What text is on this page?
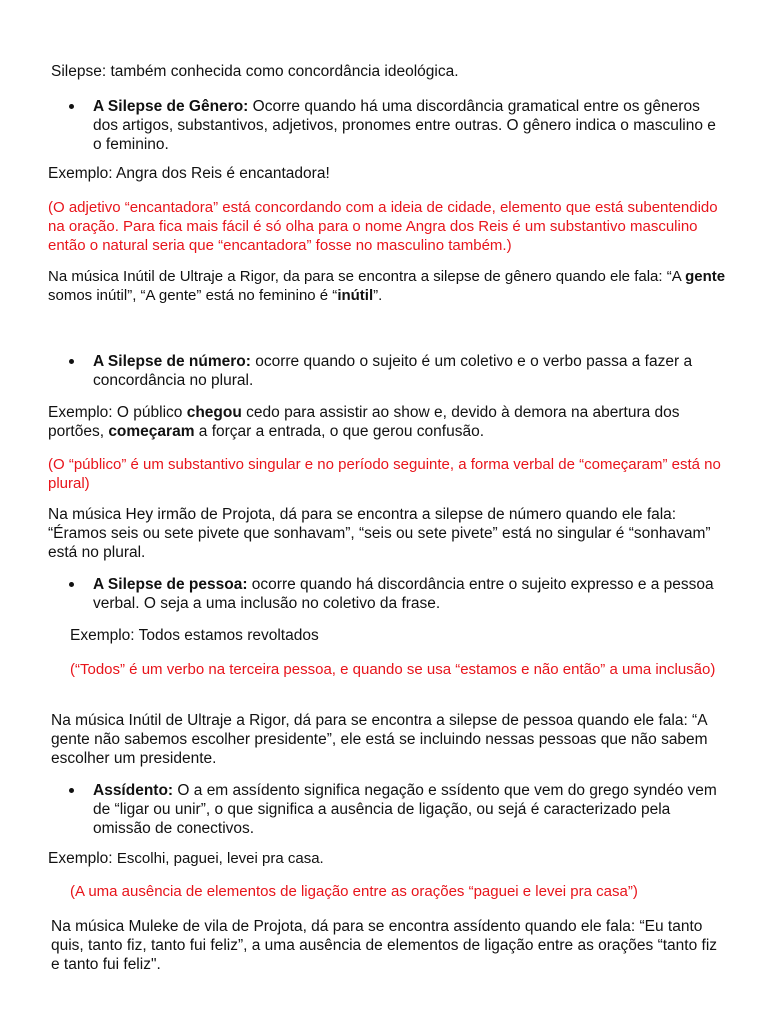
Silepse: também conhecida como concordância ideológica.

A Silepse de Gênero: Ocorre quando há uma discordância gramatical entre os gêneros dos artigos, substantivos, adjetivos, pronomes entre outras. O gênero indica o masculino e o feminino.

Exemplo: Angra dos Reis é encantadora!

(O adjetivo “encantadora” está concordando com a ideia de cidade, elemento que está subentendido na oração. Para fica mais fácil é só olha para o nome Angra dos Reis é um substantivo masculino então o natural seria que “encantadora” fosse no masculino também.)

Na música Inútil de Ultraje a Rigor, da para se encontra a silepse de gênero quando ele fala: “A gente somos inútil”, “A gente” está no feminino é “inútil”.

A Silepse de número: ocorre quando o sujeito é um coletivo e o verbo passa a fazer a concordância no plural.

Exemplo: O público chegou cedo para assistir ao show e, devido à demora na abertura dos portões, começaram a forçar a entrada, o que gerou confusão.

(O “público” é um substantivo singular e no período seguinte, a forma verbal de “começaram” está no plural)

Na música Hey irmão de Projota, dá para se encontra a silepse de número quando ele fala: “Éramos seis ou sete pivete que sonhavam”, “seis ou sete pivete” está no singular é “sonhavam” está no plural.

A Silepse de pessoa: ocorre quando há discordância entre o sujeito expresso e a pessoa verbal. O seja a uma inclusão no coletivo da frase.

Exemplo: Todos estamos revoltados

(“Todos” é um verbo na terceira pessoa, e quando se usa “estamos e não então” a uma inclusão)

Na música Inútil de Ultraje a Rigor, dá para se encontra a silepse de pessoa quando ele fala: “A gente não sabemos escolher presidente”, ele está se incluindo nessas pessoas que não sabem escolher um presidente.

Assídento: O a em assídento significa negação e ssídento que vem do grego syndéo vem de “ligar ou unir”, o que significa a ausência de ligação, ou sejá é caracterizado pela omissão de conectivos.

Exemplo: Escolhi, paguei, levei pra casa.

(A uma ausência de elementos de ligação entre as orações “paguei e levei pra casa”)

Na música Muleke de vila de Projota, dá para se encontra assídento quando ele fala: “Eu tanto quis, tanto fiz, tanto fui feliz”, a uma ausência de elementos de ligação entre as orações “tanto fiz e tanto fui feliz".
